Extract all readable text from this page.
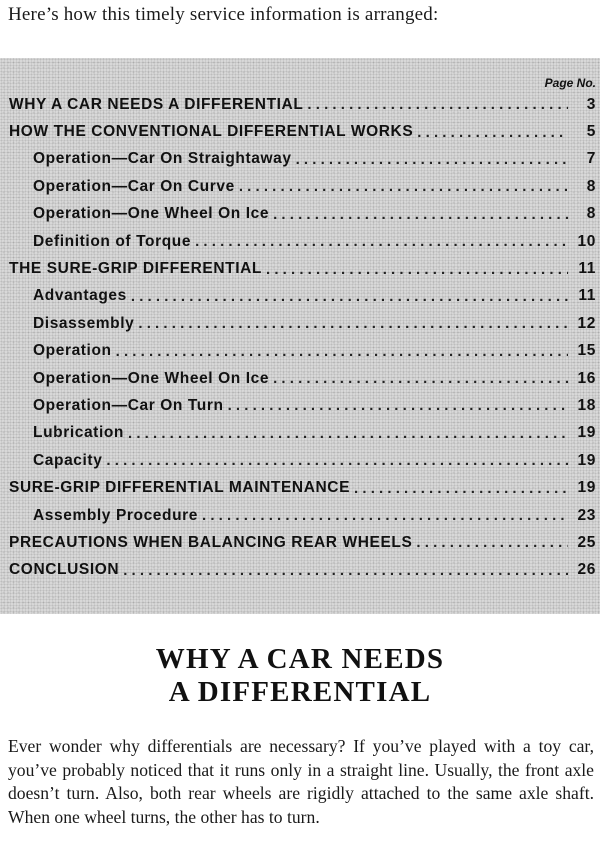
Here’s how this timely service information is arranged:
Page No.
WHY A CAR NEEDS A DIFFERENTIAL . . .	3
HOW THE CONVENTIONAL DIFFERENTIAL WORKS . . .	5
Operation—Car On Straightaway . . .	7
Operation—Car On Curve . . .	8
Operation—One Wheel On Ice . . .	8
Definition of Torque . . .	10
THE SURE-GRIP DIFFERENTIAL . . .	11
Advantages . . .	11
Disassembly . . .	12
Operation . . .	15
Operation—One Wheel On Ice . . .	16
Operation—Car On Turn . . .	18
Lubrication . . .	19
Capacity . . .	19
SURE-GRIP DIFFERENTIAL MAINTENANCE . . .	19
Assembly Procedure . . .	23
PRECAUTIONS WHEN BALANCING REAR WHEELS . . .	25
CONCLUSION . . .	26
WHY A CAR NEEDS
A DIFFERENTIAL

Ever wonder why differentials are necessary? If you’ve played with a toy car, you’ve probably noticed that it runs only in a straight line. Usually, the front axle doesn’t turn. Also, both rear wheels are rigidly attached to the same axle shaft. When one wheel turns, the other has to turn.
